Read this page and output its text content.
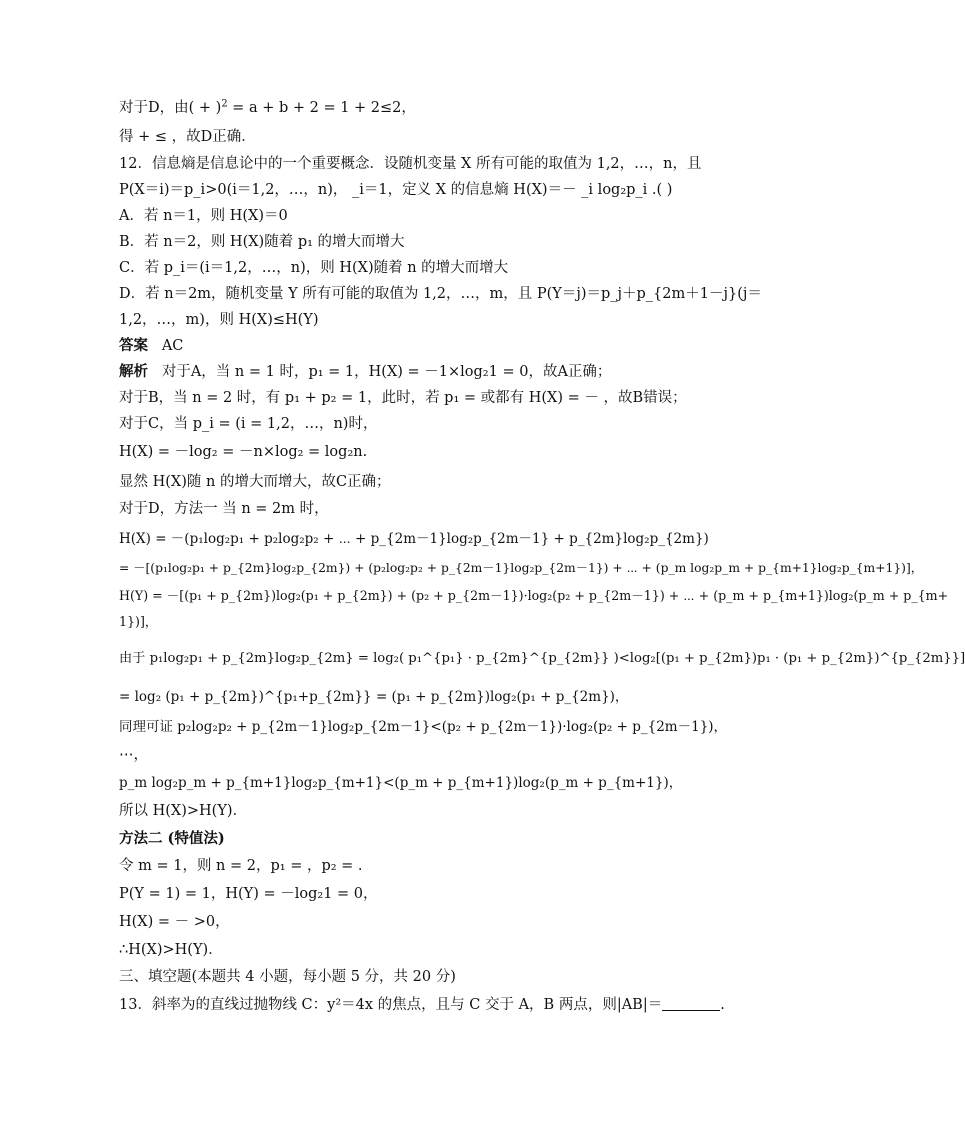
对于D，由( + )$^2$ = a + b + 2 = 1 + 2≤2，
得 + ≤ ，故D正确．
12．信息熵是信息论中的一个重要概念．设随机变量 X 所有可能的取值为 1,2，…，n，且
P(X＝i)＝p_i>0(i＝1,2，…，n)， _i＝1，定义 X 的信息熵 H(X)＝－ _i log₂p_i .( )
A．若 n＝1，则 H(X)＝0
B．若 n＝2，则 H(X)随着 p₁ 的增大而增大
C．若 p_i＝(i＝1,2，…，n)，则 H(X)随着 n 的增大而增大
D．若 n＝2m，随机变量 Y 所有可能的取值为 1,2，…，m，且 P(Y＝j)＝p_j＋p_{2m＋1－j}(j＝
1,2，…，m)，则 H(X)≤H(Y)
答案 AC
解析 对于A，当 n = 1 时，p₁ = 1，H(X) = －1×log₂1 = 0，故A正确；
对于B，当 n = 2 时，有 p₁ + p₂ = 1，此时，若 p₁ = 或都有 H(X) = － ，故B错误；
对于C，当 p_i = (i = 1,2，…，n)时，
H(X) = －log₂ = －n×log₂ = log₂n.
显然 H(X)随 n 的增大而增大，故C正确；
对于D，方法一 当 n = 2m 时，
H(X) = －(p₁log₂p₁ + p₂log₂p₂ + ⋯ + p_{2m－1}log₂p_{2m－1} + p_{2m}log₂p_{2m})
= －[(p₁log₂p₁ + p_{2m}log₂p_{2m}) + (p₂log₂p₂ + p_{2m－1}log₂p_{2m－1}) + ⋯ + (p_m log₂p_m + p_{m+1}log₂p_{m+1})]，
H(Y) = －[(p₁ + p_{2m})log₂(p₁ + p_{2m}) + (p₂ + p_{2m－1})·log₂(p₂ + p_{2m－1}) + ⋯ + (p_m + p_{m+1})log₂(p_m + p_{m+
1})]，
由于 p₁log₂p₁ + p_{2m}log₂p_{2m} = log₂( p₁^{p₁} · p_{2m}^{p_{2m}} )<log₂[(p₁ + p_{2m})p₁ · (p₁ + p_{2m})^{p_{2m}}]
= log₂ (p₁ + p_{2m})^{p₁+p_{2m}} = (p₁ + p_{2m})log₂(p₁ + p_{2m})，
同理可证 p₂log₂p₂ + p_{2m－1}log₂p_{2m－1}<(p₂ + p_{2m－1})·log₂(p₂ + p_{2m－1})，
⋯，
p_m log₂p_m + p_{m+1}log₂p_{m+1}<(p_m + p_{m+1})log₂(p_m + p_{m+1})，
所以 H(X)>H(Y)．
方法二 (特值法)
令 m = 1，则 n = 2，p₁ = ，p₂ = .
P(Y = 1) = 1，H(Y) = －log₂1 = 0，
H(X) = － >0，
∴H(X)>H(Y)．
三、填空题(本题共 4 小题，每小题 5 分，共 20 分)
13．斜率为的直线过抛物线 C：y²＝4x 的焦点，且与 C 交于 A，B 两点，则|AB|＝	.
